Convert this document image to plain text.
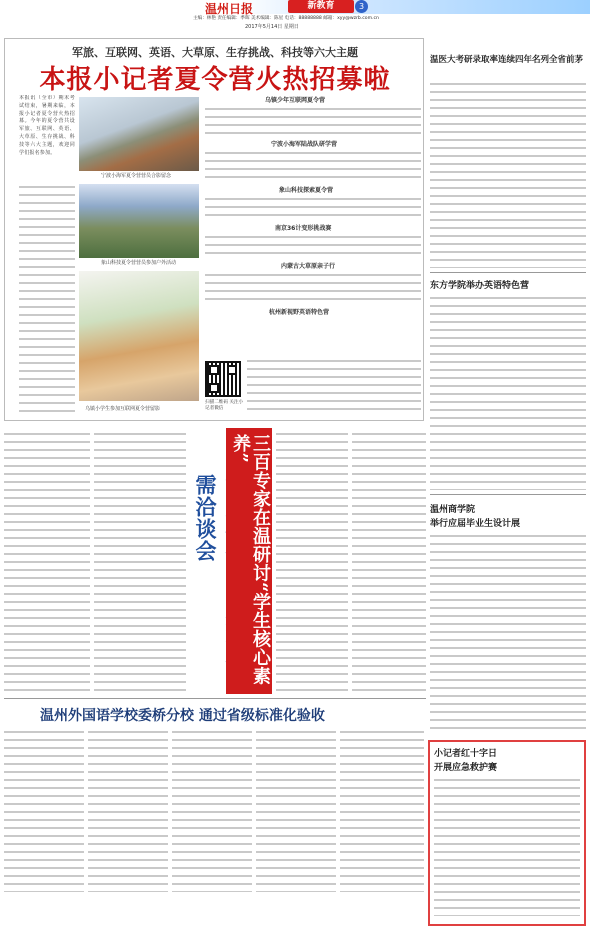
温州日报	新教育	3
主编：林艳 责任编辑：季晖 美术编辑：陈星 电话：88888888 邮箱：xyy@wzrb.com.cn
2017年5月14日 星期日
军旅、互联网、英语、大草原、生存挑战、科技等六大主题
本报小记者夏令营火热招募啦
本报讯（全市）期末考试结束，暑期来临，本报小记者夏令营火热招募。今年的夏令营共设军旅、互联网、英语、大草原、生存挑战、科技等六大主题，欢迎同学们报名参加。
宁波小海军夏令营营员合影留念
象山科技夏令营营员参加户外活动
乌镇小学生参加互联网夏令营留影
乌镇少年互联网夏令营
宁波小海军陆战队研学营
象山科技探索夏令营
南京36计变形挑战赛
内蒙古大草原亲子行
杭州新视野英语特色营
扫描二维码 关注小记者微信
温医大考研录取率连续四年名列全省前茅
东方学院举办英语特色营
温州商学院
举行应届毕业生设计展
小记者红十字日
开展应急救护赛
需洽谈会	三百专家在温研讨“学生核心素养”
温州外国语学校委桥分校 通过省级标准化验收
